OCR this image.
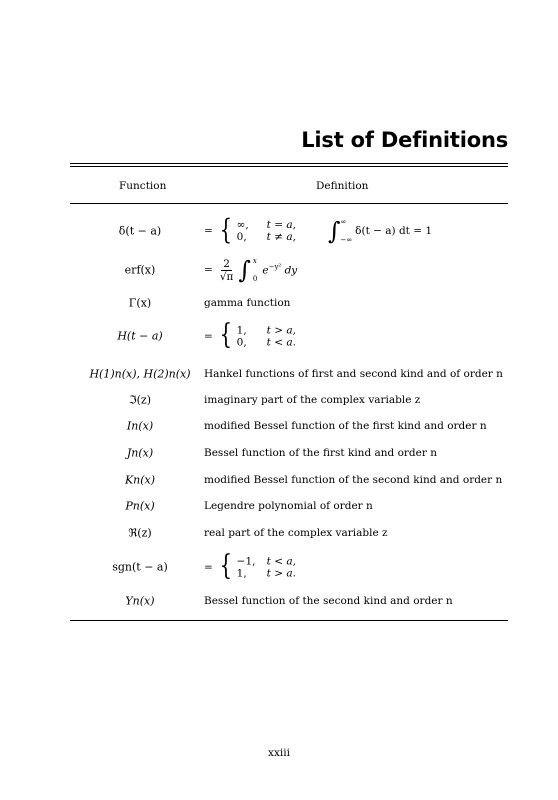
List of Definitions
Function	Definition
δ(t − a)	= { ∞,	t = a,
0,	t ≠ a, ∫ ∞
−∞
δ(t − a) dt = 1
erf(x)	= $\frac{2}{√\pi}$ ∫ x
0
$e^{-y^2}$ dy
Γ(x)	gamma function
H(t − a)	= { 1,	t > a,
0,	t < a.
H(1)n(x), H(2)n(x)	Hankel functions of first and second kind and of order n
ℑ(z)	imaginary part of the complex variable z
In(x)	modified Bessel function of the first kind and order n
Jn(x)	Bessel function of the first kind and order n
Kn(x)	modified Bessel function of the second kind and order n
Pn(x)	Legendre polynomial of order n
ℜ(z)	real part of the complex variable z
sgn(t − a)	= { −1,	t < a,
1,	t > a.
Yn(x)	Bessel function of the second kind and order n
xxiii
